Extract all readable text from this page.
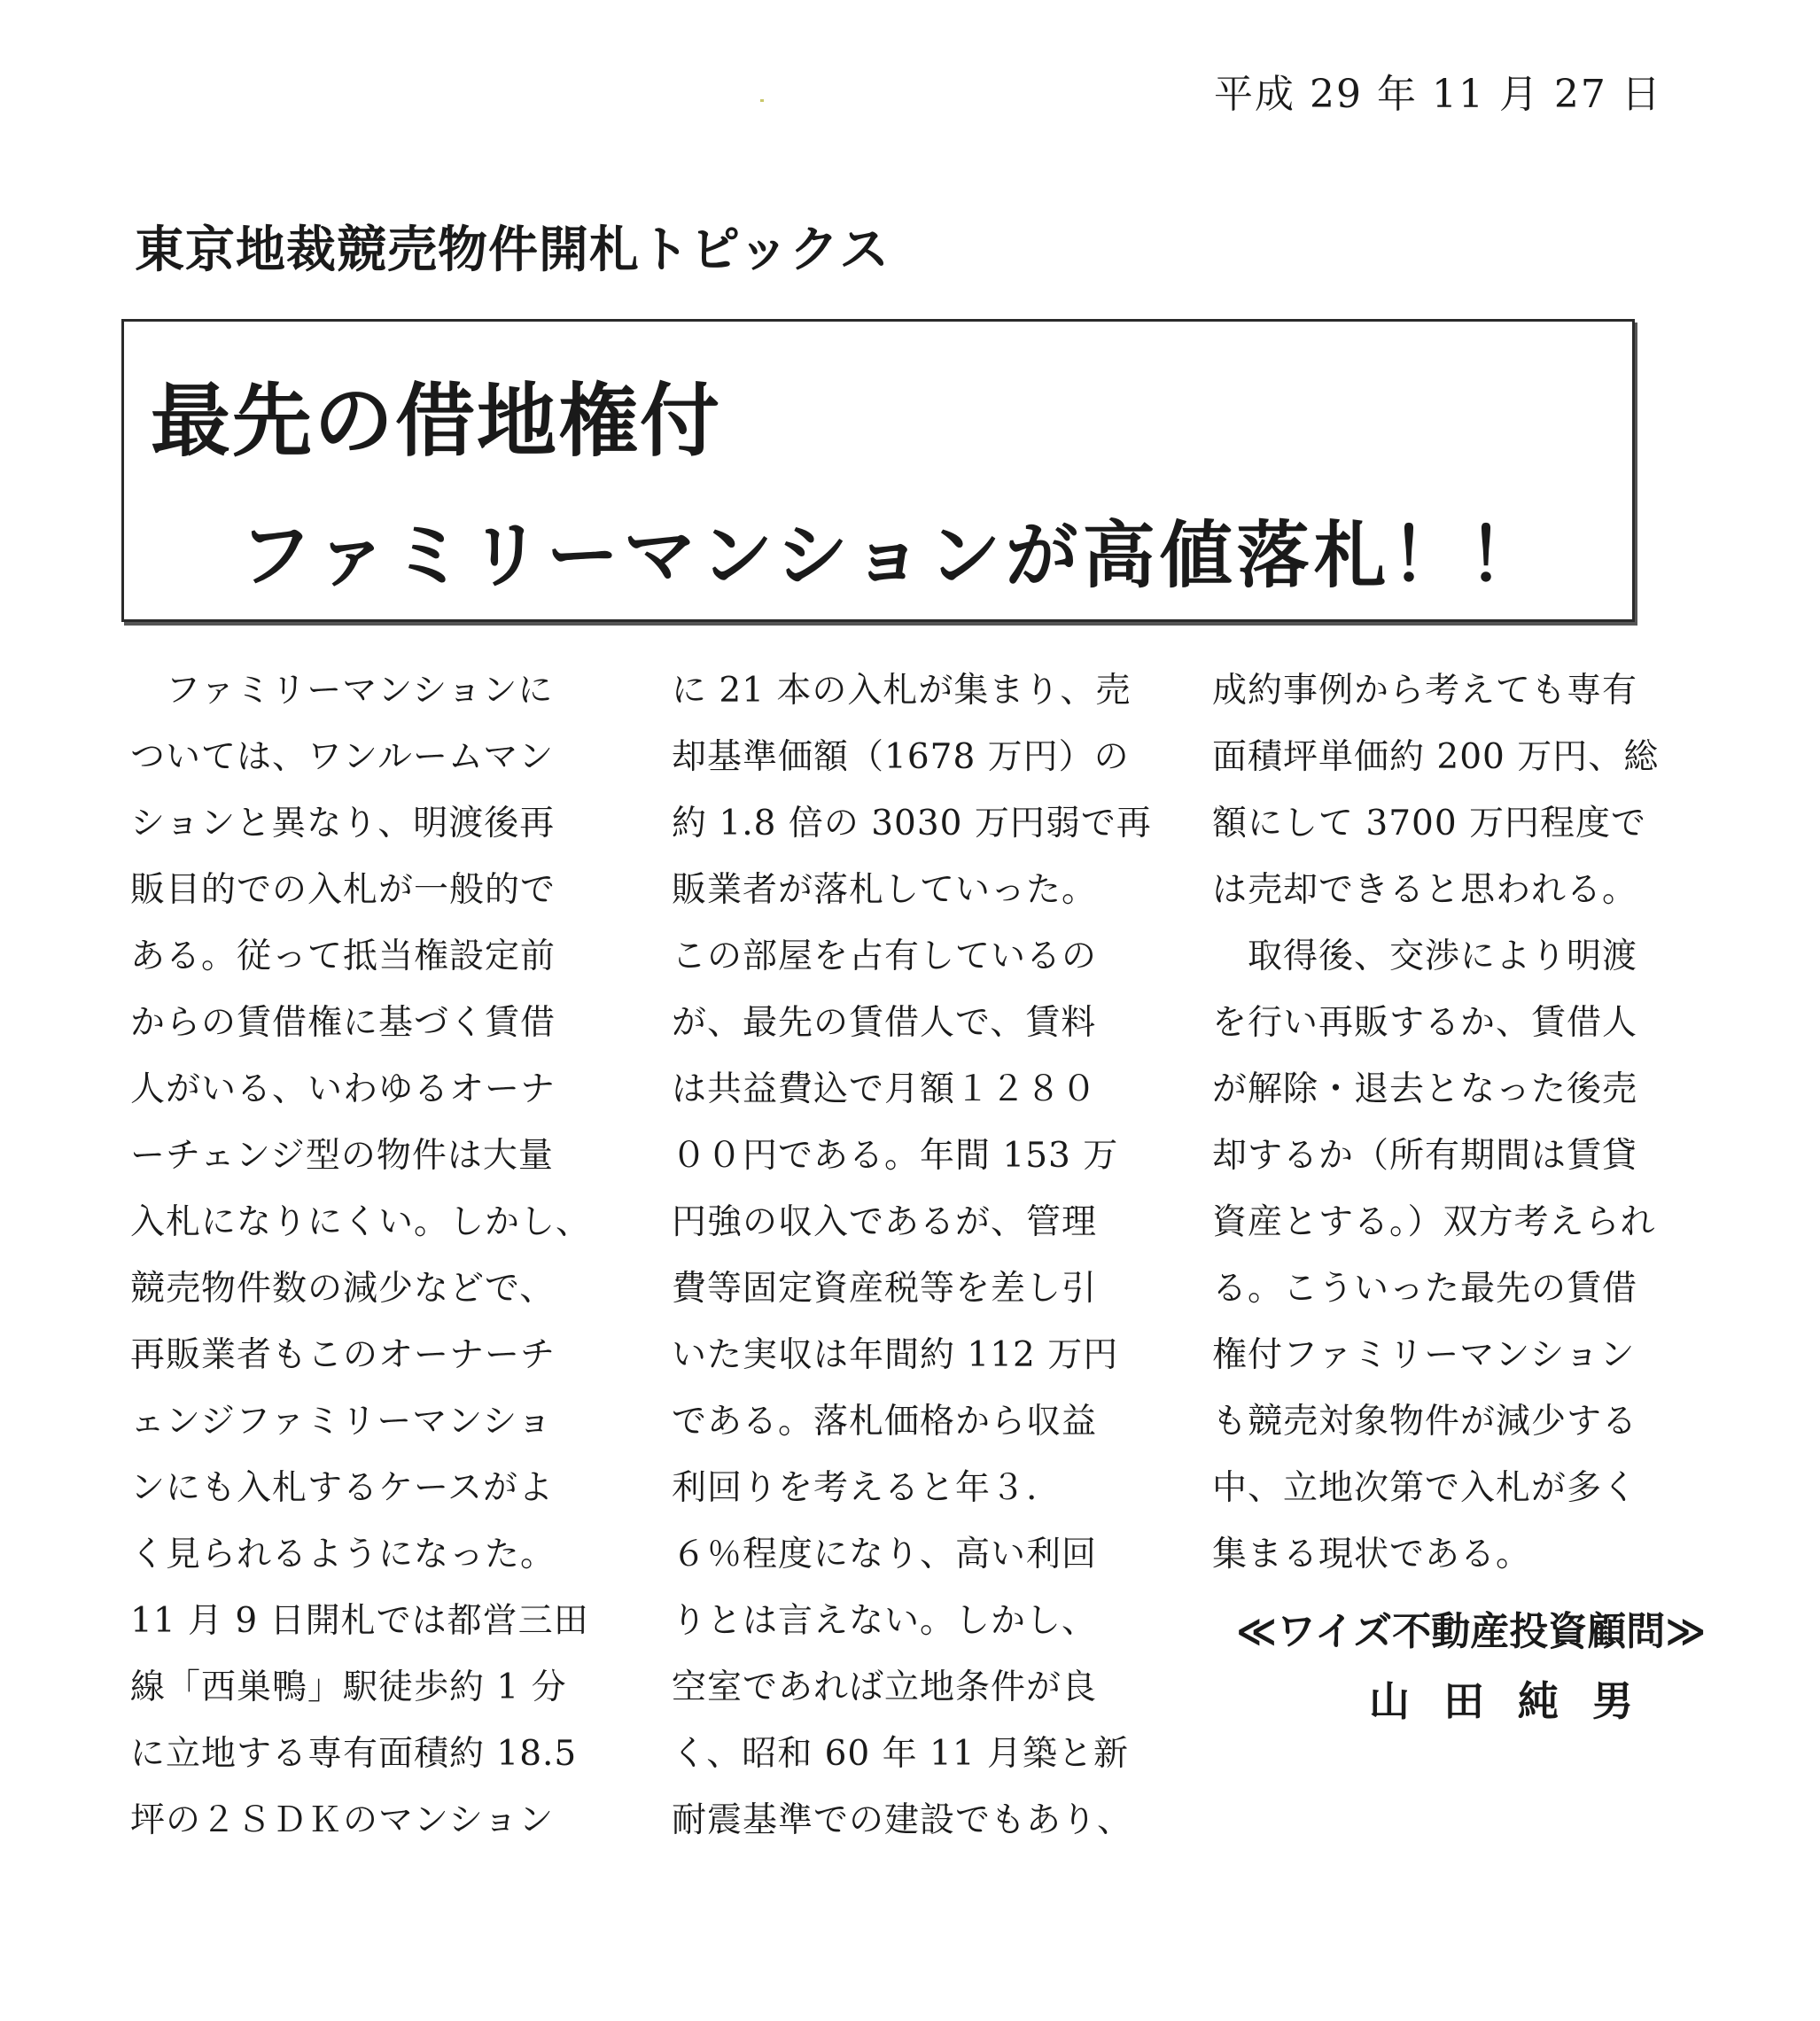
平成 29 年 11 月 27 日
東京地裁競売物件開札トピックス
最先の借地権付
ファミリーマンションが高値落札！！
　ファミリーマンションに
ついては、ワンルームマン
ションと異なり、明渡後再
販目的での入札が一般的で
ある。従って抵当権設定前
からの賃借権に基づく賃借
人がいる、いわゆるオーナ
ーチェンジ型の物件は大量
入札になりにくい。しかし、
競売物件数の減少などで、
再販業者もこのオーナーチ
ェンジファミリーマンショ
ンにも入札するケースがよ
く見られるようになった。
11 月 9 日開札では都営三田
線「西巣鴨」駅徒歩約 1 分
に立地する専有面積約 18.5
坪の２ＳＤＫのマンション
に 21 本の入札が集まり、売
却基準価額（1678 万円）の
約 1.8 倍の 3030 万円弱で再
販業者が落札していった。
この部屋を占有しているの
が、最先の賃借人で、賃料
は共益費込で月額１２８０
００円である。年間 153 万
円強の収入であるが、管理
費等固定資産税等を差し引
いた実収は年間約 112 万円
である。落札価格から収益
利回りを考えると年３.
６％程度になり、高い利回
りとは言えない。しかし、
空室であれば立地条件が良
く、昭和 60 年 11 月築と新
耐震基準での建設でもあり、
成約事例から考えても専有
面積坪単価約 200 万円、総
額にして 3700 万円程度で
は売却できると思われる。
　取得後、交渉により明渡
を行い再販するか、賃借人
が解除・退去となった後売
却するか（所有期間は賃貸
資産とする。）双方考えられ
る。こういった最先の賃借
権付ファミリーマンション
も競売対象物件が減少する
中、立地次第で入札が多く
集まる現状である。
≪ワイズ不動産投資顧問≫
山田純男
